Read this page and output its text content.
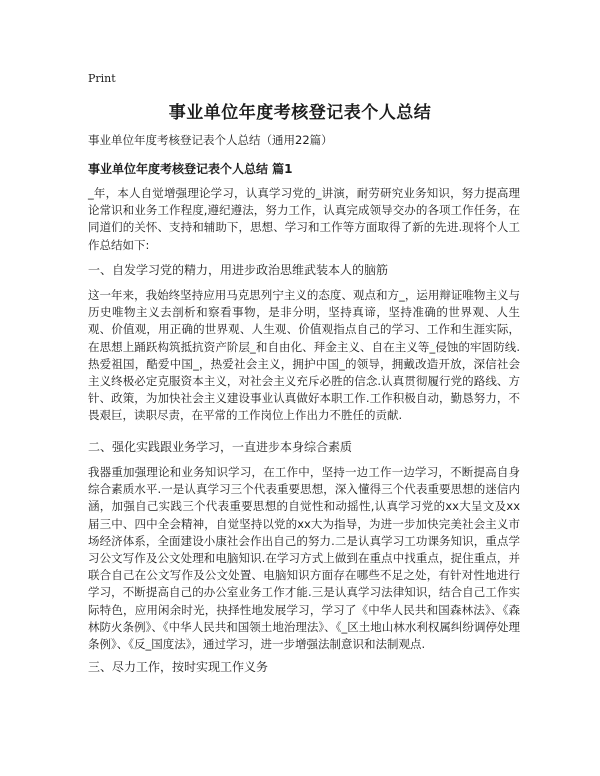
Print
事业单位年度考核登记表个人总结
事业单位年度考核登记表个人总结（通用22篇）
事业单位年度考核登记表个人总结 篇1
_年，本人自觉增强理论学习，认真学习党的_讲演，耐劳研究业务知识，努力提高理论常识和业务工作程度,遵纪遵法，努力工作，认真完成领导交办的各项工作任务，在同道们的关怀、支持和辅助下，思想、学习和工作等方面取得了新的先进.现将个人工作总结如下:
一、自发学习党的精力，用进步政治思维武装本人的脑筋
这一年来，我始终坚持应用马克思列宁主义的态度、观点和方_，运用辩证唯物主义与历史唯物主义去剖析和察看事物，是非分明，坚持真谛，坚持准确的世界观、人生观、价值观，用正确的世界观、人生观、价值观指点自己的学习、工作和生涯实际，在思想上踊跃构筑抵抗资产阶层_和自由化、拜金主义、自在主义等_侵蚀的牢固防线.热爱祖国，酷爱中国_，热爱社会主义，拥护中国_的领导，拥戴改造开放，深信社会主义终极必定克服资本主义，对社会主义充斥必胜的信念.认真贯彻履行党的路线、方针、政策，为加快社会主义建设事业认真做好本职工作.工作积极自动，勤恳努力，不畏艰巨，读职尽责，在平常的工作岗位上作出力不胜任的贡献.
二、强化实践跟业务学习，一直进步本身综合素质
我器重加强理论和业务知识学习，在工作中，坚持一边工作一边学习，不断提高自身综合素质水平.一是认真学习三个代表重要思想，深入懂得三个代表重要思想的迷信内涵，加强自己实践三个代表重要思想的自觉性和动摇性,认真学习党的xx大呈文及xx届三中、四中全会精神，自觉坚持以党的xx大为指导，为进一步加快完美社会主义市场经济体系，全面建设小康社会作出自己的努力.二是认真学习工功课务知识，重点学习公文写作及公文处理和电脑知识.在学习方式上做到在重点中找重点，捉住重点，并联合自己在公文写作及公文处置、电脑知识方面存在哪些不足之处，有针对性地进行学习，不断提高自己的办公室业务工作才能.三是认真学习法律知识，结合自己工作实际特色，应用闲余时光，抉择性地发展学习，学习了《中华人民共和国森林法》、《森林防火条例》、《中华人民共和国领土地治理法》、《_区土地山林水利权属纠纷调停处理条例》、《反_国度法》，通过学习，进一步增强法制意识和法制观点.
三、尽力工作，按时实现工作义务
